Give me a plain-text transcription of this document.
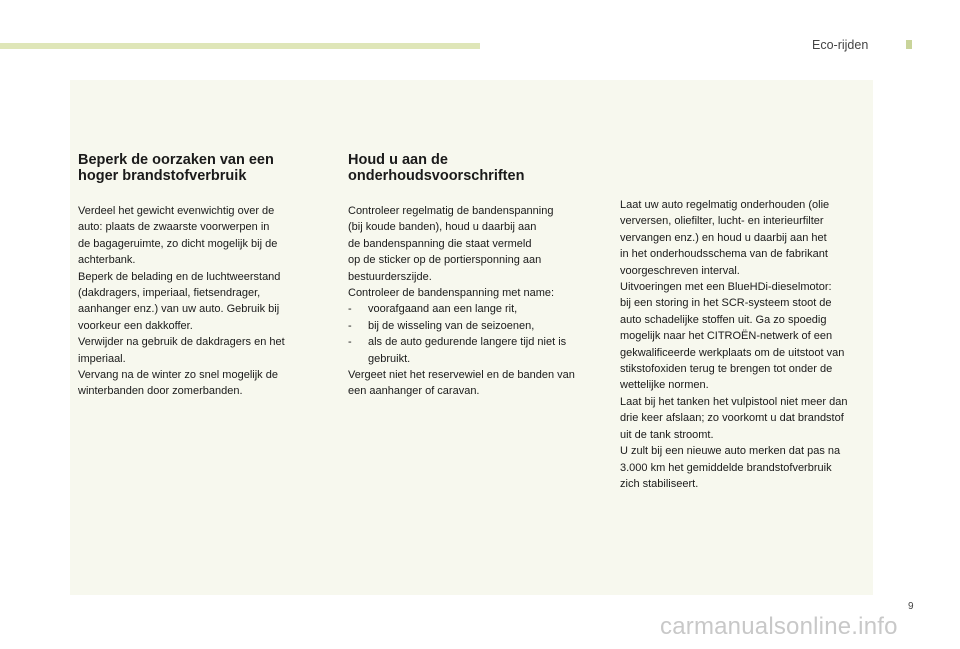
Eco-rijden
Beperk de oorzaken van een
hoger brandstofverbruik

Verdeel het gewicht evenwichtig over de
auto: plaats de zwaarste voorwerpen in
de bagageruimte, zo dicht mogelijk bij de
achterbank.
Beperk de belading en de luchtweerstand
(dakdragers, imperiaal, fietsendrager,
aanhanger enz.) van uw auto. Gebruik bij
voorkeur een dakkoffer.
Verwijder na gebruik de dakdragers en het
imperiaal.

Vervang na de winter zo snel mogelijk de
winterbanden door zomerbanden.

Houd u aan de
onderhoudsvoorschriften

Controleer regelmatig de bandenspanning
(bij koude banden), houd u daarbij aan
de bandenspanning die staat vermeld
op de sticker op de portiersponning aan
bestuurderszijde.
Controleer de bandenspanning met name:

-	voorafgaand aan een lange rit,
-	bij de wisseling van de seizoenen,
-	als de auto gedurende langere tijd niet is
gebruikt.

Vergeet niet het reservewiel en de banden van
een aanhanger of caravan.

Laat uw auto regelmatig onderhouden (olie
verversen, oliefilter, lucht- en interieurfilter
vervangen enz.) en houd u daarbij aan het
in het onderhoudsschema van de fabrikant
voorgeschreven interval.

Uitvoeringen met een BlueHDi-dieselmotor:
bij een storing in het SCR-systeem stoot de
auto schadelijke stoffen uit. Ga zo spoedig
mogelijk naar het CITROËN-netwerk of een
gekwalificeerde werkplaats om de uitstoot van
stikstofoxiden terug te brengen tot onder de
wettelijke normen.

Laat bij het tanken het vulpistool niet meer dan
drie keer afslaan; zo voorkomt u dat brandstof
uit de tank stroomt.

U zult bij een nieuwe auto merken dat pas na
3.000 km het gemiddelde brandstofverbruik
zich stabiliseert.

9
carmanualsonline.info
